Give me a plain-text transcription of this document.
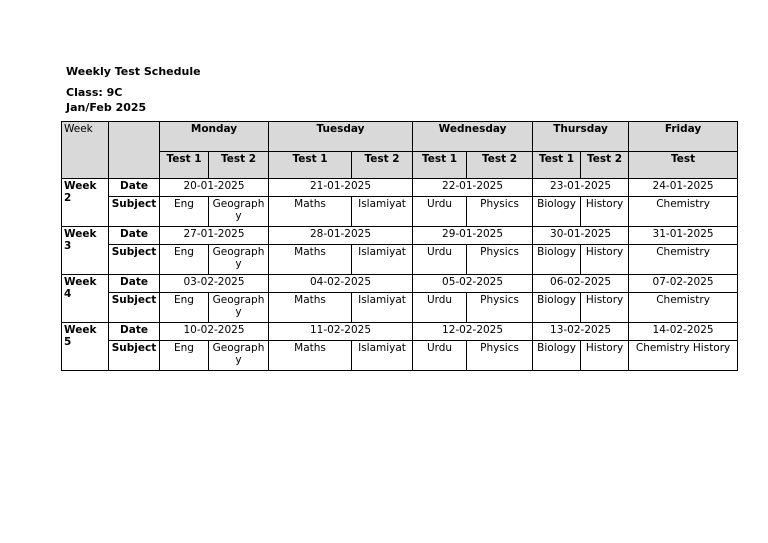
Weekly Test Schedule
Class: 9C
Jan/Feb 2025
Week		Monday		Tuesday		Wednesday		Thursday		Friday
		Test 1	Test 2	Test 1	Test 2	Test 1	Test 2	Test 1	Test 2	Test
Week 2	Date	20-01-2025		21-01-2025		22-01-2025		23-01-2025		24-01-2025
	Subject	Eng	Geography	Maths	Islamiyat	Urdu	Physics	Biology	History	Chemistry
Week 3	Date	27-01-2025		28-01-2025		29-01-2025		30-01-2025		31-01-2025
	Subject	Eng	Geography	Maths	Islamiyat	Urdu	Physics	Biology	History	Chemistry
Week 4	Date	03-02-2025		04-02-2025		05-02-2025		06-02-2025		07-02-2025
	Subject	Eng	Geography	Maths	Islamiyat	Urdu	Physics	Biology	History	Chemistry
Week 5	Date	10-02-2025		11-02-2025		12-02-2025		13-02-2025		14-02-2025
	Subject	Eng	Geography	Maths	Islamiyat	Urdu	Physics	Biology	History	Chemistry History
